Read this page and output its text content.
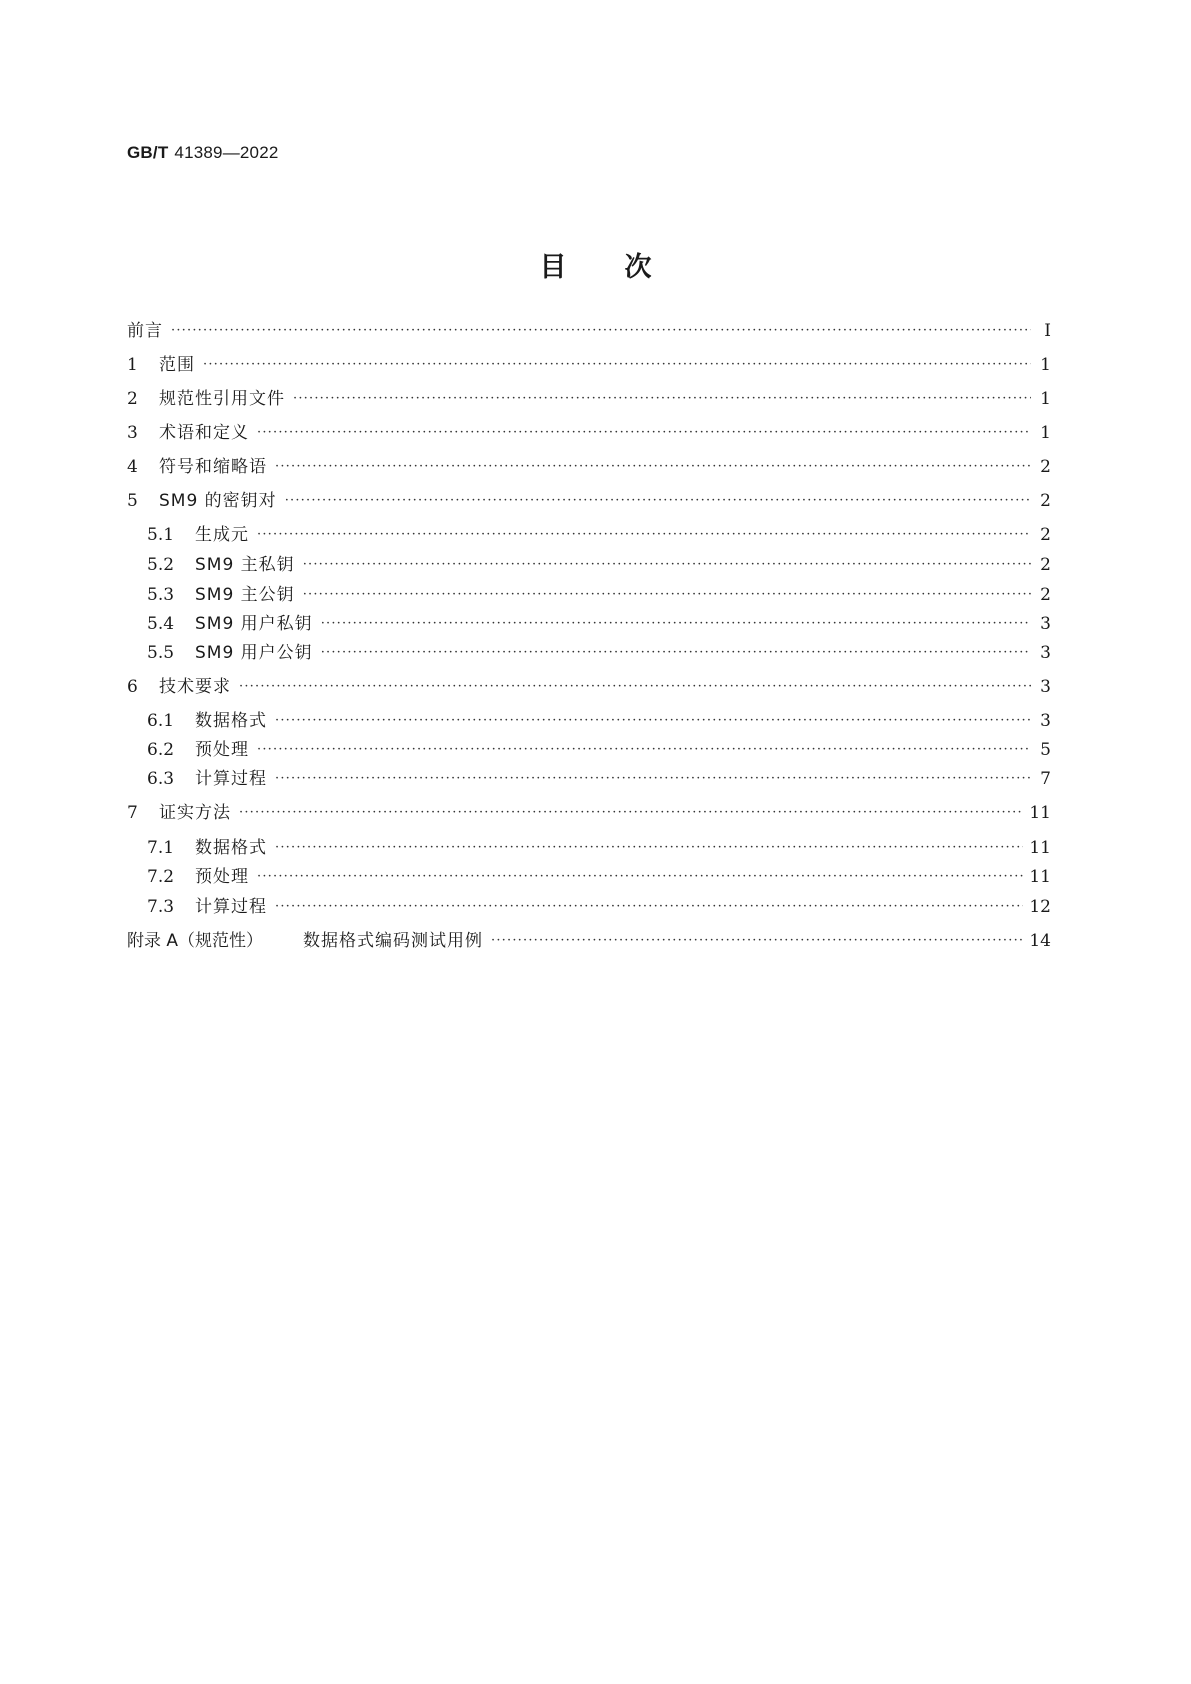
GB/T 41389—2022
目次
前言 ·····	Ⅰ
1	范围 ·····	1
2	规范性引用文件 ·····	1
3	术语和定义 ·····	1
4	符号和缩略语 ·····	2
5	SM9 的密钥对 ·····	2
5.1	生成元 ·····	2
5.2	SM9 主私钥 ·····	2
5.3	SM9 主公钥 ·····	2
5.4	SM9 用户私钥 ·····	3
5.5	SM9 用户公钥 ·····	3
6	技术要求 ·····	3
6.1	数据格式 ·····	3
6.2	预处理 ·····	5
6.3	计算过程 ·····	7
7	证实方法 ·····	11
7.1	数据格式 ·····	11
7.2	预处理 ·····	11
7.3	计算过程 ·····	12
附录 A（规范性）	数据格式编码测试用例 ·····	14
